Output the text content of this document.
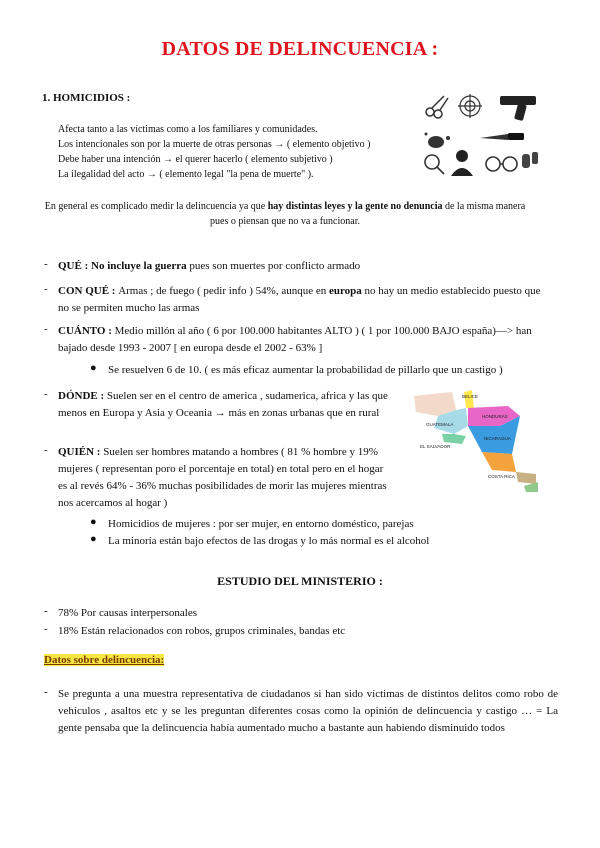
DATOS DE DELINCUENCIA :
1. HOMICIDIOS :
Afecta tanto a las víctimas como a los familiares y comunidades.
Los intencionales son por la muerte de otras personas → ( elemento objetivo )
Debe haber una intención → el querer hacerlo ( elemento subjetivo )
La ilegalidad del acto → ( elemento legal "la pena de muerte" ).
En general es complicado medir la delincuencia ya que hay distintas leyes y la gente no denuncia de la misma manera pues o piensan que no va a funcionar.
- QUÉ : No incluye la guerra pues son muertes por conflicto armado
- CON QUÉ : Armas ; de fuego ( pedir info ) 54%, aunque en europa no hay un medio establecido puesto que no se permiten mucho las armas
- CUÁNTO : Medio millón al año ( 6 por 100.000 habitantes ALTO ) ( 1 por 100.000 BAJO españa)—> han bajado desde 1993 - 2007 [ en europa desde el 2002 - 63% ]
● Se resuelven 6 de 10. ( es más eficaz aumentar la probabilidad de pillarlo que un castigo )
- DÓNDE : Suelen ser en el centro de america , sudamerica, africa y las que menos en Europa y Asia y Oceania → más en zonas urbanas que en rural
GUATEMALA
HONDURAS
EL SALVADOR
NICARAGUA
COSTA RICA
BELICE
- QUIÉN : Suelen ser hombres matando a hombres ( 81 % hombre y 19% mujeres ( representan poro el porcentaje en total) en total pero en el hogar es al revés 64% - 36% muchas posibilidades de morir las mujeres mientras nos acercamos al hogar )
● Homicidios de mujeres : por ser mujer, en entorno doméstico, parejas
● La minoría están bajo efectos de las drogas y lo más normal es el alcohol
ESTUDIO DEL MINISTERIO :
- 78% Por causas interpersonales
- 18% Están relacionados con robos, grupos criminales, bandas etc
Datos sobre delincuencia:
- Se pregunta a una muestra representativa de ciudadanos si han sido víctimas de distintos delitos como robo de vehículos , asaltos etc y se les preguntan diferentes cosas como la opinión de delincuencia y castigo … = La gente pensaba que la delincuencia había aumentado mucho a bastante aun habiendo disminuido todos
